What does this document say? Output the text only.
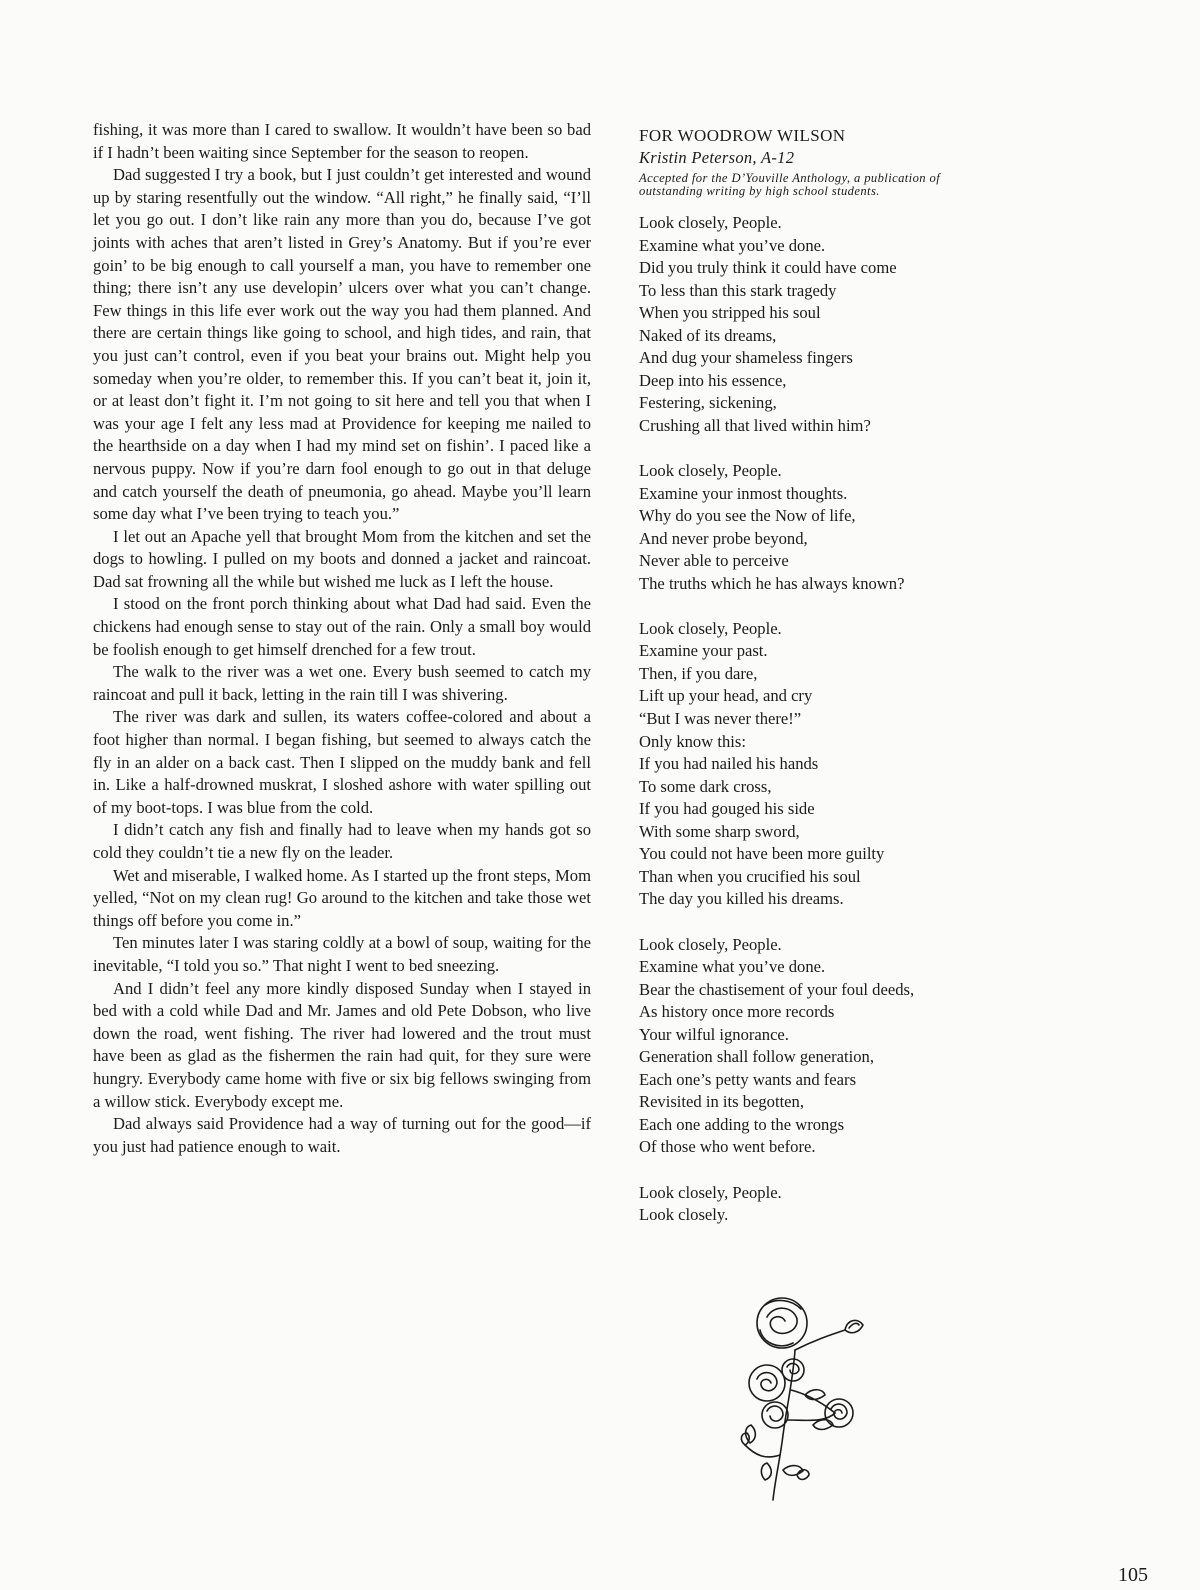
fishing, it was more than I cared to swallow. It wouldn’t have been so bad if I hadn’t been waiting since September for the season to reopen.

Dad suggested I try a book, but I just couldn’t get interested and wound up by staring resentfully out the window. “All right,” he finally said, “I’ll let you go out. I don’t like rain any more than you do, because I’ve got joints with aches that aren’t listed in Grey’s Anatomy. But if you’re ever goin’ to be big enough to call yourself a man, you have to remember one thing; there isn’t any use developin’ ulcers over what you can’t change. Few things in this life ever work out the way you had them planned. And there are certain things like going to school, and high tides, and rain, that you just can’t control, even if you beat your brains out. Might help you someday when you’re older, to remember this. If you can’t beat it, join it, or at least don’t fight it. I’m not going to sit here and tell you that when I was your age I felt any less mad at Providence for keeping me nailed to the hearthside on a day when I had my mind set on fishin’. I paced like a nervous puppy. Now if you’re darn fool enough to go out in that deluge and catch yourself the death of pneumonia, go ahead. Maybe you’ll learn some day what I’ve been trying to teach you.”

I let out an Apache yell that brought Mom from the kitchen and set the dogs to howling. I pulled on my boots and donned a jacket and raincoat. Dad sat frowning all the while but wished me luck as I left the house.

I stood on the front porch thinking about what Dad had said. Even the chickens had enough sense to stay out of the rain. Only a small boy would be foolish enough to get himself drenched for a few trout.

The walk to the river was a wet one. Every bush seemed to catch my raincoat and pull it back, letting in the rain till I was shivering.

The river was dark and sullen, its waters coffee-colored and about a foot higher than normal. I began fishing, but seemed to always catch the fly in an alder on a back cast. Then I slipped on the muddy bank and fell in. Like a half-drowned muskrat, I sloshed ashore with water spilling out of my boot-tops. I was blue from the cold.

I didn’t catch any fish and finally had to leave when my hands got so cold they couldn’t tie a new fly on the leader.

Wet and miserable, I walked home. As I started up the front steps, Mom yelled, “Not on my clean rug! Go around to the kitchen and take those wet things off before you come in.”

Ten minutes later I was staring coldly at a bowl of soup, waiting for the inevitable, “I told you so.” That night I went to bed sneezing.

And I didn’t feel any more kindly disposed Sunday when I stayed in bed with a cold while Dad and Mr. James and old Pete Dobson, who live down the road, went fishing. The river had lowered and the trout must have been as glad as the fishermen the rain had quit, for they sure were hungry. Everybody came home with five or six big fellows swinging from a willow stick. Everybody except me.

Dad always said Providence had a way of turning out for the good—if you just had patience enough to wait.

FOR WOODROW WILSON
Kristin Peterson, A-12
Accepted for the D’Youville Anthology, a publication of outstanding writing by high school students.
Look closely, People.
Examine what you’ve done.
Did you truly think it could have come
To less than this stark tragedy
When you stripped his soul
Naked of its dreams,
And dug your shameless fingers
Deep into his essence,
Festering, sickening,
Crushing all that lived within him?
Look closely, People.
Examine your inmost thoughts.
Why do you see the Now of life,
And never probe beyond,
Never able to perceive
The truths which he has always known?
Look closely, People.
Examine your past.
Then, if you dare,
Lift up your head, and cry
“But I was never there!”
Only know this:
If you had nailed his hands
To some dark cross,
If you had gouged his side
With some sharp sword,
You could not have been more guilty
Than when you crucified his soul
The day you killed his dreams.
Look closely, People.
Examine what you’ve done.
Bear the chastisement of your foul deeds,
As history once more records
Your wilful ignorance.
Generation shall follow generation,
Each one’s petty wants and fears
Revisited in its begotten,
Each one adding to the wrongs
Of those who went before.
Look closely, People.
Look closely.
105
